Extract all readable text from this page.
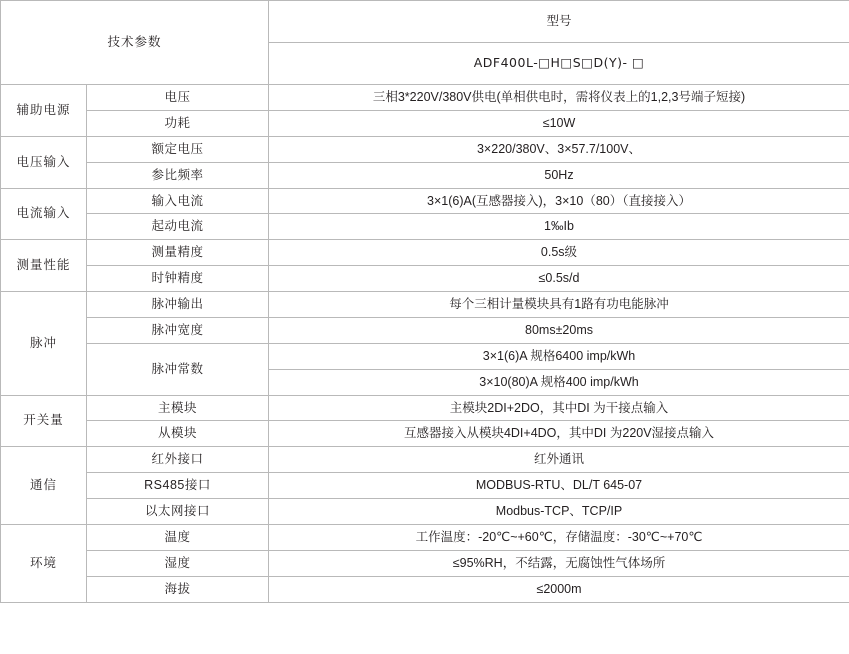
技术参数		型号
		ADF400L-□H□S□D(Y)- □
辅助电源	电压	三相3*220V/380V供电(单相供电时，需将仪表上的1,2,3号端子短接)
	功耗	≤10W
电压输入	额定电压	3×220/380V、3×57.7/100V、
	参比频率	50Hz
电流输入	输入电流	3×1(6)A(互感器接入)，3×10（80）（直接接入）
	起动电流	1‰Ib
测量性能	测量精度	0.5s级
	时钟精度	≤0.5s/d
脉冲	脉冲输出	每个三相计量模块具有1路有功电能脉冲
	脉冲宽度	80ms±20ms
	脉冲常数	3×1(6)A 规格6400 imp/kWh
		3×10(80)A 规格400 imp/kWh
开关量	主模块	主模块2DI+2DO，其中DI 为干接点输入
	从模块	互感器接入从模块4DI+4DO，其中DI 为220V湿接点输入
通信	红外接口	红外通讯
	RS485接口	MODBUS-RTU、DL/T 645-07
	以太网接口	Modbus-TCP、TCP/IP
环境	温度	工作温度：-20℃~+60℃，存储温度：-30℃~+70℃
	湿度	≤95%RH，不结露，无腐蚀性气体场所
	海拔	≤2000m
